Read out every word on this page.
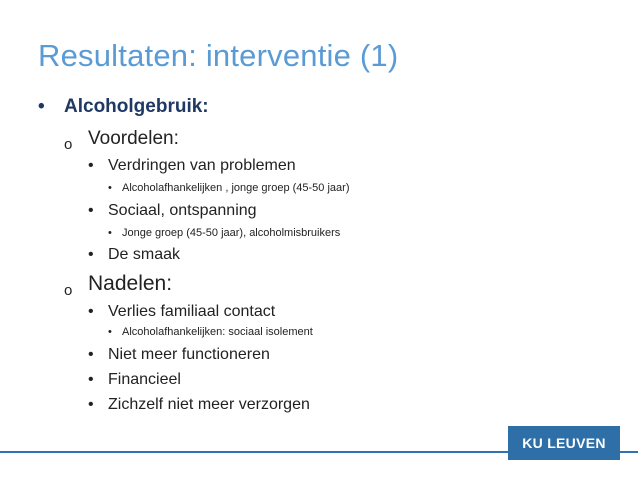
Resultaten: interventie (1)
• Alcoholgebruik:
o Voordelen:
• Verdringen van problemen
• Alcoholafhankelijken , jonge groep (45-50 jaar)
• Sociaal, ontspanning
• Jonge groep (45-50 jaar), alcoholmisbruikers
• De smaak
o Nadelen:
• Verlies familiaal contact
• Alcoholafhankelijken: sociaal isolement
• Niet meer functioneren
• Financieel
• Zichzelf niet meer verzorgen
KU LEUVEN
